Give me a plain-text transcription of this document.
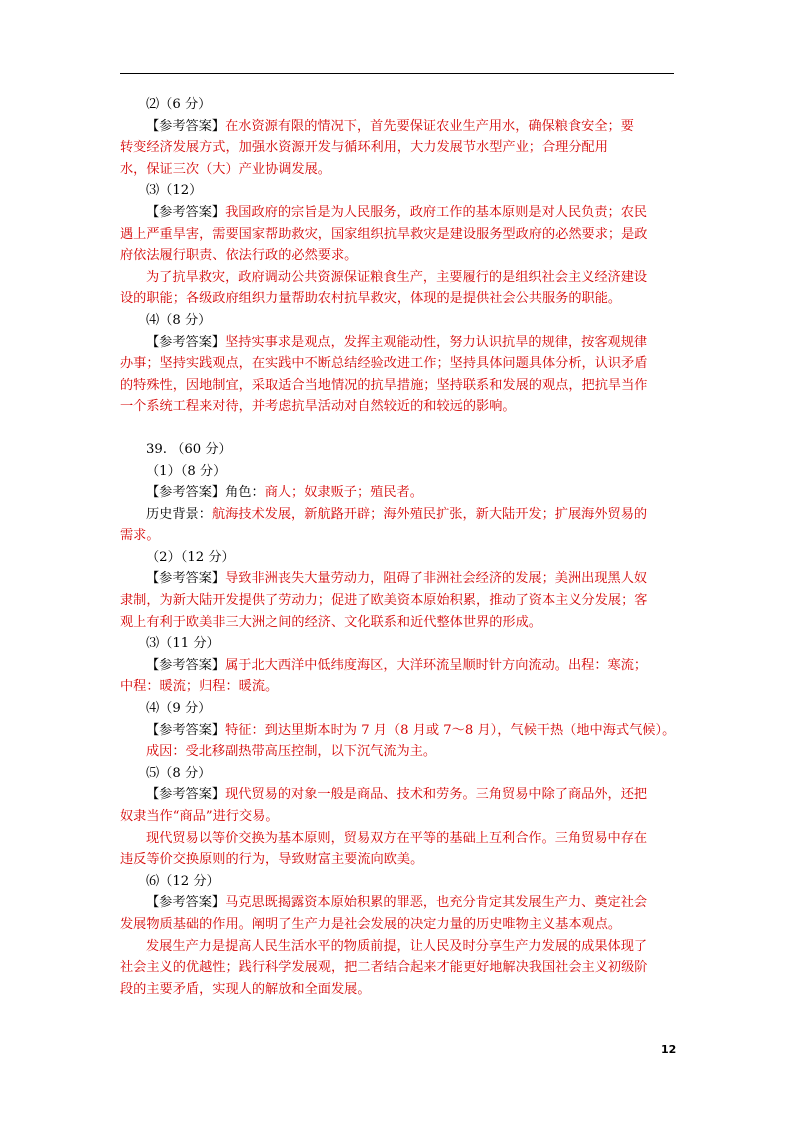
⑵（6 分）
【参考答案】在水资源有限的情况下，首先要保证农业生产用水，确保粮食安全；要
转变经济发展方式，加强水资源开发与循环利用，大力发展节水型产业；合理分配用
水，保证三次（大）产业协调发展。
⑶（12）
【参考答案】我国政府的宗旨是为人民服务，政府工作的基本原则是对人民负责；农民
遇上严重旱害，需要国家帮助救灾，国家组织抗旱救灾是建设服务型政府的必然要求；是政
府依法履行职责、依法行政的必然要求。
为了抗旱救灾，政府调动公共资源保证粮食生产，主要履行的是组织社会主义经济建设
设的职能；各级政府组织力量帮助农村抗旱救灾，体现的是提供社会公共服务的职能。
⑷（8 分）
【参考答案】坚持实事求是观点，发挥主观能动性，努力认识抗旱的规律，按客观规律
办事；坚持实践观点，在实践中不断总结经验改进工作；坚持具体问题具体分析，认识矛盾
的特殊性，因地制宜，采取适合当地情况的抗旱措施；坚持联系和发展的观点，把抗旱当作
一个系统工程来对待，并考虑抗旱活动对自然较近的和较远的影响。
39. （60 分）
（1）（8 分）
【参考答案】角色：商人；奴隶贩子；殖民者。
历史背景：航海技术发展，新航路开辟；海外殖民扩张，新大陆开发；扩展海外贸易的
需求。
（2）（12 分）
【参考答案】导致非洲丧失大量劳动力，阻碍了非洲社会经济的发展；美洲出现黑人奴
隶制，为新大陆开发提供了劳动力；促进了欧美资本原始积累，推动了资本主义分发展；客
观上有利于欧美非三大洲之间的经济、文化联系和近代整体世界的形成。
⑶（11 分）
【参考答案】属于北大西洋中低纬度海区，大洋环流呈顺时针方向流动。出程：寒流；
中程：暖流；归程：暖流。
⑷（9 分）
【参考答案】特征：到达里斯本时为 7 月（8 月或 7～8 月），气候干热（地中海式气候）。
成因：受北移副热带高压控制，以下沉气流为主。
⑸（8 分）
【参考答案】现代贸易的对象一般是商品、技术和劳务。三角贸易中除了商品外，还把
奴隶当作“商品”进行交易。
现代贸易以等价交换为基本原则，贸易双方在平等的基础上互利合作。三角贸易中存在
违反等价交换原则的行为，导致财富主要流向欧美。
⑹（12 分）
【参考答案】马克思既揭露资本原始积累的罪恶，也充分肯定其发展生产力、奠定社会
发展物质基础的作用。阐明了生产力是社会发展的决定力量的历史唯物主义基本观点。
发展生产力是提高人民生活水平的物质前提，让人民及时分享生产力发展的成果体现了
社会主义的优越性；践行科学发展观，把二者结合起来才能更好地解决我国社会主义初级阶
段的主要矛盾，实现人的解放和全面发展。
12
